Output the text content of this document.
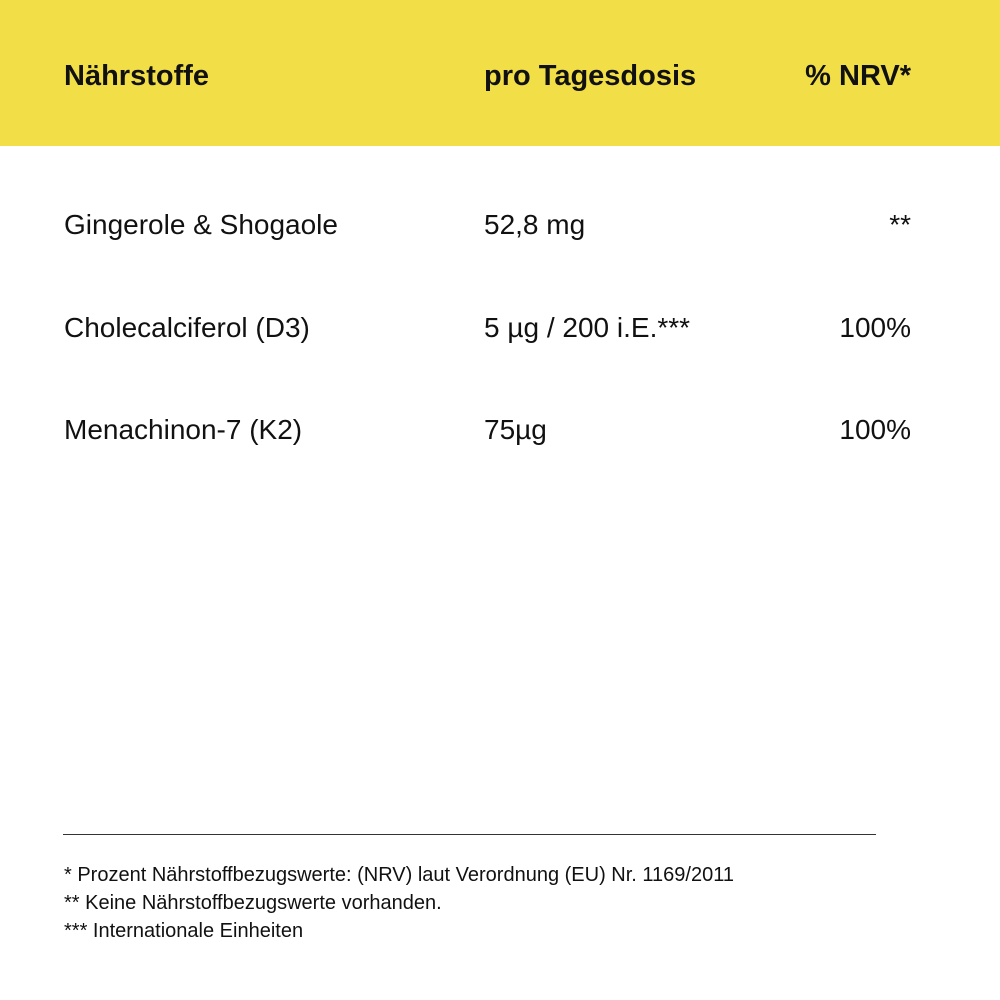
Nährstoffe	pro Tagesdosis	% NRV*
Gingerole & Shogaole	52,8 mg	**
Cholecalciferol (D3)	5 µg / 200 i.E.***	100%
Menachinon-7 (K2)	75µg	100%
* Prozent Nährstoffbezugswerte: (NRV) laut Verordnung (EU) Nr. 1169/2011
** Keine Nährstoffbezugswerte vorhanden.
*** Internationale Einheiten
